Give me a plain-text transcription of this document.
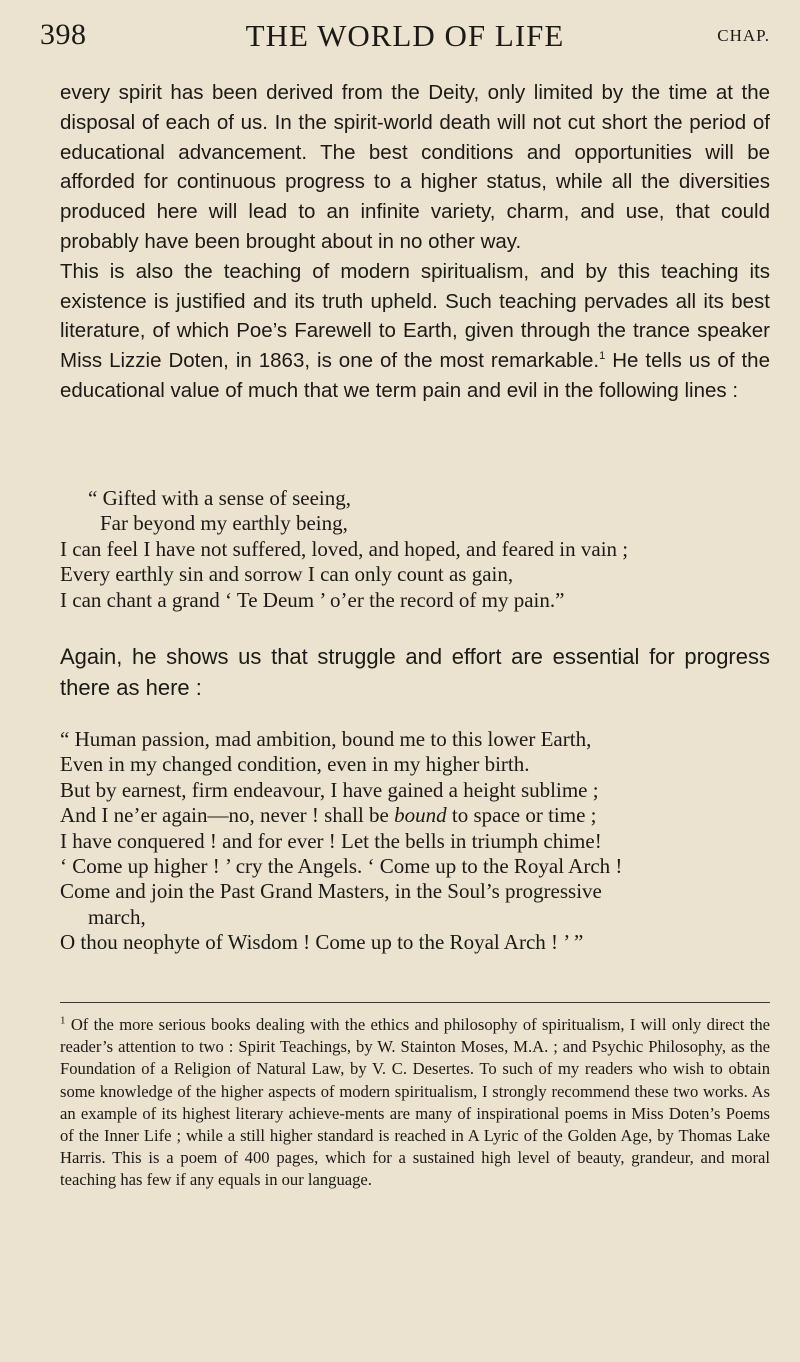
398	THE WORLD OF LIFE	CHAP.

every spirit has been derived from the Deity, only limited by the time at the disposal of each of us. In the spirit-world death will not cut short the period of educational advancement. The best conditions and opportunities will be afforded for continuous progress to a higher status, while all the diversities produced here will lead to an infinite variety, charm, and use, that could probably have been brought about in no other way.

This is also the teaching of modern spiritualism, and by this teaching its existence is justified and its truth upheld. Such teaching pervades all its best literature, of which Poe’s Farewell to Earth, given through the trance speaker Miss Lizzie Doten, in 1863, is one of the most remarkable.$^1$ He tells us of the educational value of much that we term pain and evil in the following lines :

“ Gifted with a sense of seeing,
Far beyond my earthly being,
I can feel I have not suffered, loved, and hoped, and feared in vain ;
Every earthly sin and sorrow I can only count as gain,
I can chant a grand ‘ Te Deum ’ o’er the record of my pain.”
Again, he shows us that struggle and effort are essential for progress there as here :
“ Human passion, mad ambition, bound me to this lower Earth,
Even in my changed condition, even in my higher birth.
But by earnest, firm endeavour, I have gained a height sublime ;
And I ne’er again—no, never ! shall be bound to space or time ;
I have conquered ! and for ever ! Let the bells in triumph chime!
‘ Come up higher ! ’ cry the Angels. ‘ Come up to the Royal Arch !
Come and join the Past Grand Masters, in the Soul’s progressive
march,
O thou neophyte of Wisdom ! Come up to the Royal Arch ! ’ ”
$^1$ Of the more serious books dealing with the ethics and philosophy of spiritualism, I will only direct the reader’s attention to two : Spirit Teachings, by W. Stainton Moses, M.A. ; and Psychic Philosophy, as the Foundation of a Religion of Natural Law, by V. C. Desertes. To such of my readers who wish to obtain some knowledge of the higher aspects of modern spiritualism, I strongly recommend these two works. As an example of its highest literary achieve-ments are many of inspirational poems in Miss Doten’s Poems of the Inner Life ; while a still higher standard is reached in A Lyric of the Golden Age, by Thomas Lake Harris. This is a poem of 400 pages, which for a sustained high level of beauty, grandeur, and moral teaching has few if any equals in our language.
